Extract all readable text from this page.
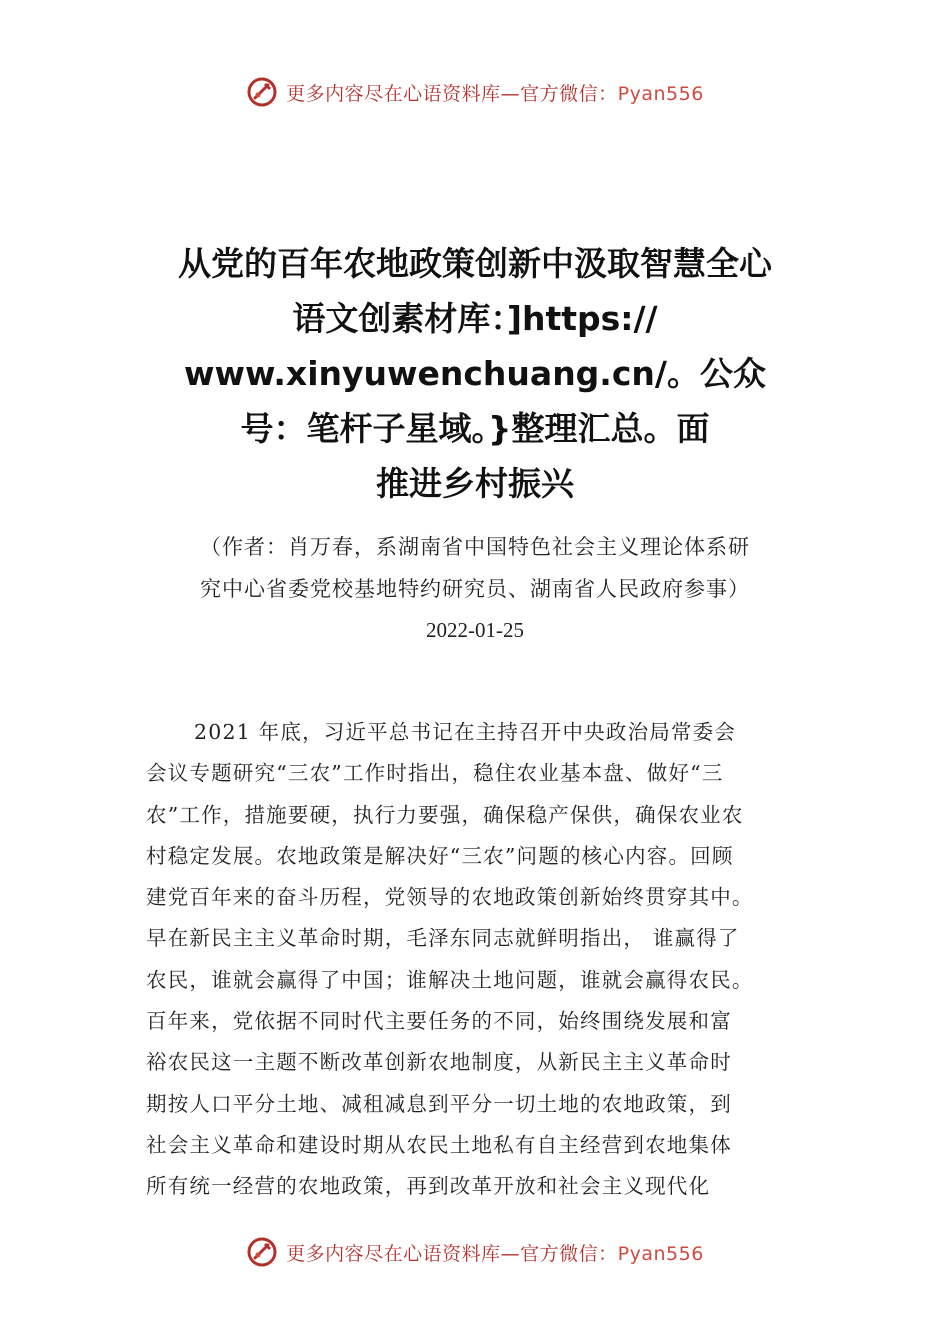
更多内容尽在心语资料库—官方微信：Pyan556
从党的百年农地政策创新中汲取智慧全心
语文创素材库：]https://
www.xinyuwenchuang.cn/。公众
号：笔杆子星域。}整理汇总。面
推进乡村振兴
（作者：肖万春，系湖南省中国特色社会主义理论体系研
究中心省委党校基地特约研究员、湖南省人民政府参事）
2022-01-25
2021 年底，习近平总书记在主持召开中央政治局常委会
会议专题研究“三农”工作时指出，稳住农业基本盘、做好“三
农”工作，措施要硬，执行力要强，确保稳产保供，确保农业农
村稳定发展。农地政策是解决好“三农”问题的核心内容。回顾
建党百年来的奋斗历程，党领导的农地政策创新始终贯穿其中。
早在新民主主义革命时期，毛泽东同志就鲜明指出， 谁赢得了
农民，谁就会赢得了中国；谁解决土地问题，谁就会赢得农民。
百年来，党依据不同时代主要任务的不同，始终围绕发展和富
裕农民这一主题不断改革创新农地制度，从新民主主义革命时
期按人口平分土地、减租减息到平分一切土地的农地政策，到
社会主义革命和建设时期从农民土地私有自主经营到农地集体
所有统一经营的农地政策，再到改革开放和社会主义现代化
更多内容尽在心语资料库—官方微信：Pyan556
